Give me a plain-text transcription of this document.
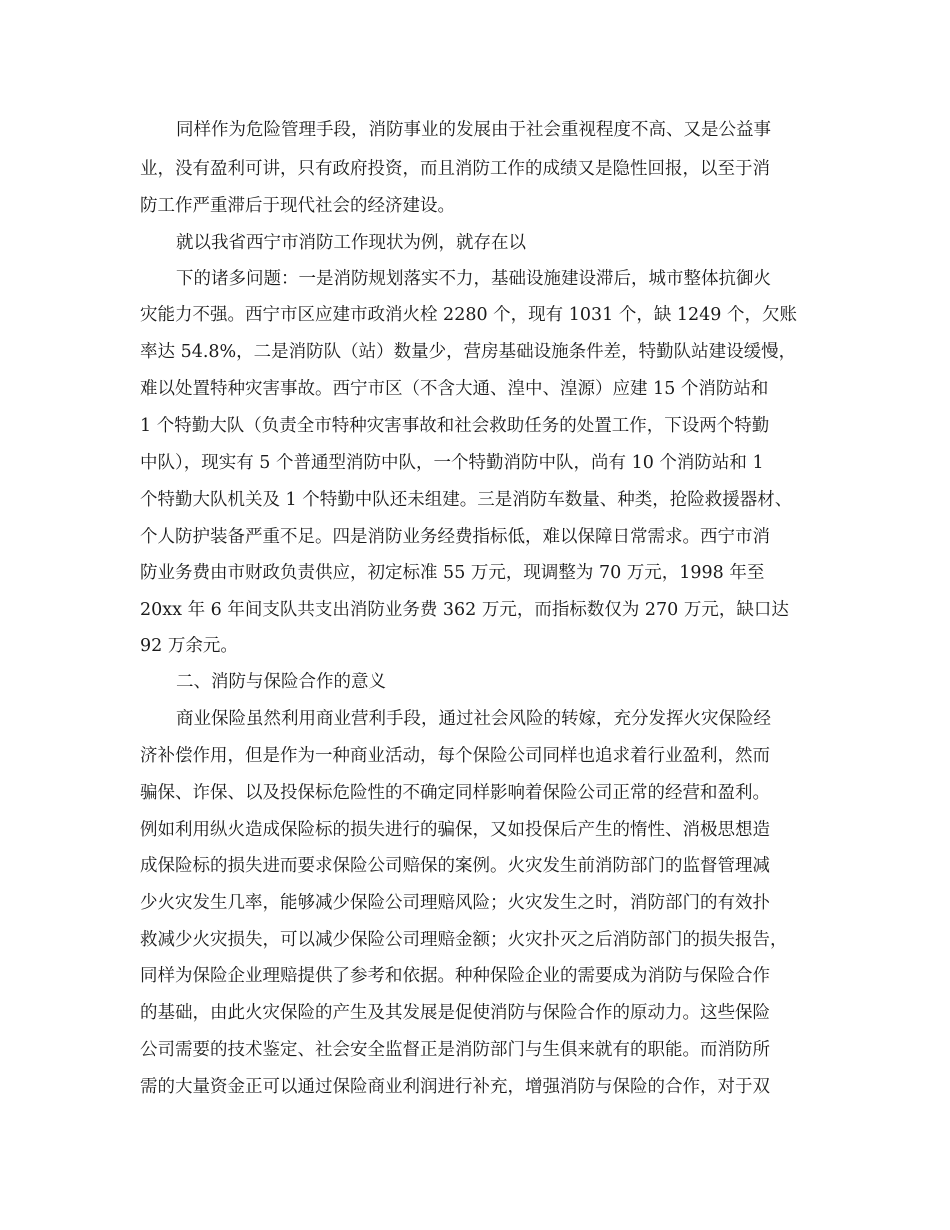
同样作为危险管理手段，消防事业的发展由于社会重视程度不高、又是公益事
业，没有盈利可讲，只有政府投资，而且消防工作的成绩又是隐性回报，以至于消
防工作严重滞后于现代社会的经济建设。
就以我省西宁市消防工作现状为例，就存在以
下的诸多问题：一是消防规划落实不力，基础设施建设滞后，城市整体抗御火
灾能力不强。西宁市区应建市政消火栓 2280 个，现有 1031 个，缺 1249 个，欠账
率达 54.8%，二是消防队（站）数量少，营房基础设施条件差，特勤队站建设缓慢，
难以处置特种灾害事故。西宁市区（不含大通、湟中、湟源）应建 15 个消防站和
1 个特勤大队（负责全市特种灾害事故和社会救助任务的处置工作，下设两个特勤
中队），现实有 5 个普通型消防中队，一个特勤消防中队，尚有 10 个消防站和 1
个特勤大队机关及 1 个特勤中队还未组建。三是消防车数量、种类，抢险救援器材、
个人防护装备严重不足。四是消防业务经费指标低，难以保障日常需求。西宁市消
防业务费由市财政负责供应，初定标准 55 万元，现调整为 70 万元，1998 年至
20xx 年 6 年间支队共支出消防业务费 362 万元，而指标数仅为 270 万元，缺口达
92 万余元。
二、消防与保险合作的意义
商业保险虽然利用商业营利手段，通过社会风险的转嫁，充分发挥火灾保险经
济补偿作用，但是作为一种商业活动，每个保险公司同样也追求着行业盈利，然而
骗保、诈保、以及投保标危险性的不确定同样影响着保险公司正常的经营和盈利。
例如利用纵火造成保险标的损失进行的骗保，又如投保后产生的惰性、消极思想造
成保险标的损失进而要求保险公司赔保的案例。火灾发生前消防部门的监督管理减
少火灾发生几率，能够减少保险公司理赔风险；火灾发生之时，消防部门的有效扑
救减少火灾损失，可以减少保险公司理赔金额；火灾扑灭之后消防部门的损失报告，
同样为保险企业理赔提供了参考和依据。种种保险企业的需要成为消防与保险合作
的基础，由此火灾保险的产生及其发展是促使消防与保险合作的原动力。这些保险
公司需要的技术鉴定、社会安全监督正是消防部门与生俱来就有的职能。而消防所
需的大量资金正可以通过保险商业利润进行补充，增强消防与保险的合作，对于双
